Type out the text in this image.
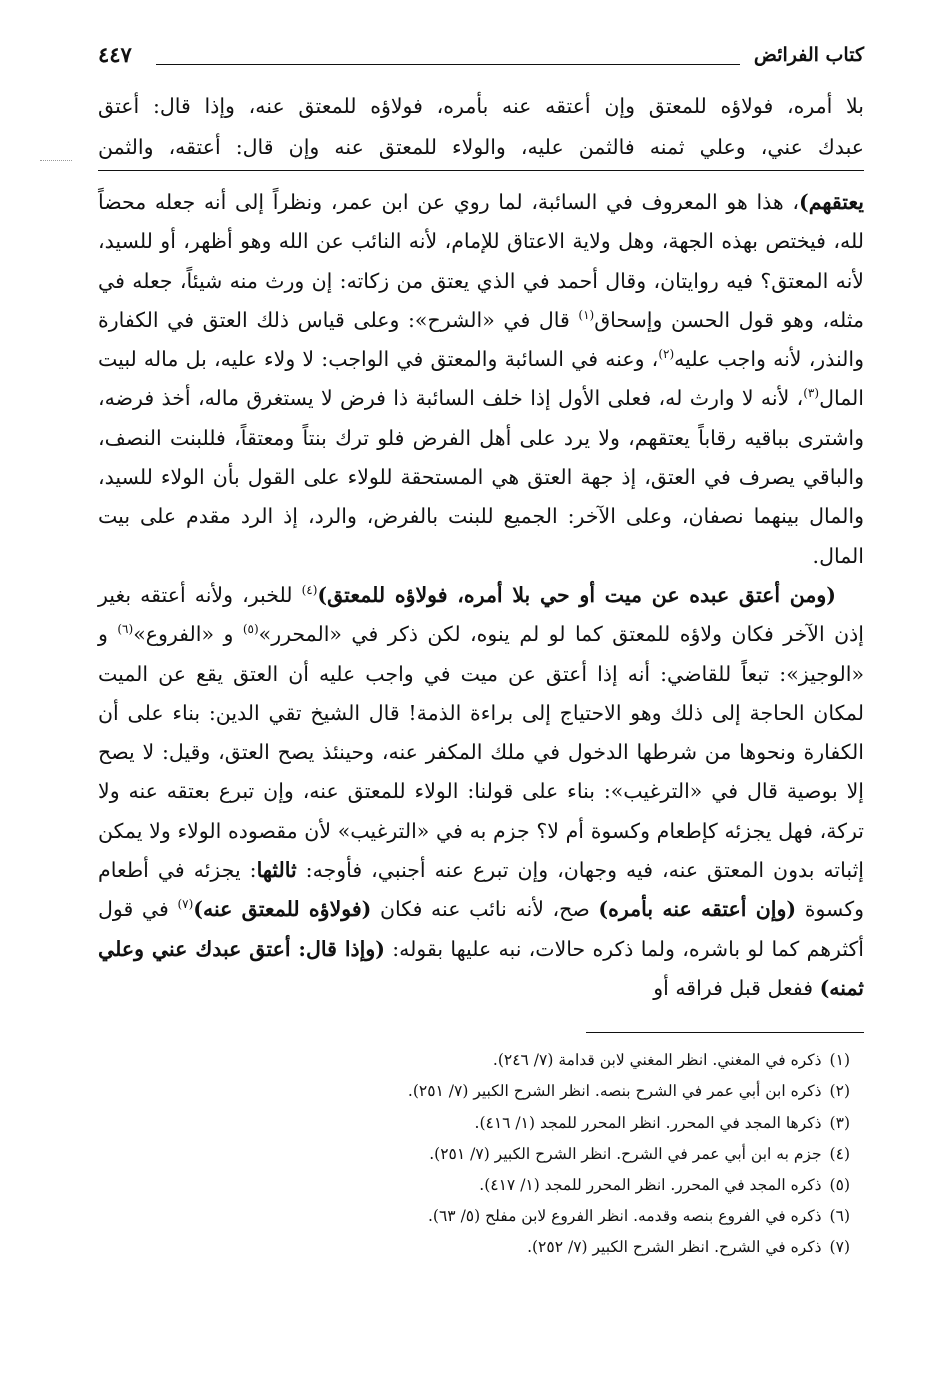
كتاب الفرائض
٤٤٧

بلا أمره، فولاؤه للمعتق وإن أعتقه عنه بأمره، فولاؤه للمعتق عنه، وإذا قال: أعتق

عبدك عني، وعلي ثمنه فالثمن عليه، والولاء للمعتق عنه وإن قال: أعتقه، والثمن

يعتقهم)، هذا هو المعروف في السائبة، لما روي عن ابن عمر، ونظراً إلى أنه جعله محضاً لله، فيختص بهذه الجهة، وهل ولاية الاعتاق للإمام، لأنه النائب عن الله وهو أظهر، أو للسيد، لأنه المعتق؟ فيه روايتان، وقال أحمد في الذي يعتق من زكاته: إن ورث منه شيئاً، جعله في مثله، وهو قول الحسن وإسحاق$^{(١)}$ قال في «الشرح»: وعلى قياس ذلك العتق في الكفارة والنذر، لأنه واجب عليه$^{(٢)}$، وعنه في السائبة والمعتق في الواجب: لا ولاء عليه، بل ماله لبيت المال$^{(٣)}$، لأنه لا وارث له، فعلى الأول إذا خلف السائبة ذا فرض لا يستغرق ماله، أخذ فرضه، واشترى بباقيه رقاباً يعتقهم، ولا يرد على أهل الفرض فلو ترك بنتاً ومعتقاً، فللبنت النصف، والباقي يصرف في العتق، إذ جهة العتق هي المستحقة للولاء على القول بأن الولاء للسيد، والمال بينهما نصفان، وعلى الآخر: الجميع للبنت بالفرض، والرد، إذ الرد مقدم على بيت المال.

(ومن أعتق عبده عن ميت أو حي بلا أمره، فولاؤه للمعتق)$^{(٤)}$ للخبر، ولأنه أعتقه بغير إذن الآخر فكان ولاؤه للمعتق كما لو لم ينوه، لكن ذكر في «المحرر»$^{(٥)}$ و «الفروع»$^{(٦)}$ و «الوجيز»: تبعاً للقاضي: أنه إذا أعتق عن ميت في واجب عليه أن العتق يقع عن الميت لمكان الحاجة إلى ذلك وهو الاحتياج إلى براءة الذمة! قال الشيخ تقي الدين: بناء على أن الكفارة ونحوها من شرطها الدخول في ملك المكفر عنه، وحينئذ يصح العتق، وقيل: لا يصح إلا بوصية قال في «الترغيب»: بناء على قولنا: الولاء للمعتق عنه، وإن تبرع بعتقه عنه ولا تركة، فهل يجزئه كإطعام وكسوة أم لا؟ جزم به في «الترغيب» لأن مقصوده الولاء ولا يمكن إثباته بدون المعتق عنه، فيه وجهان، وإن تبرع عنه أجنبي، فأوجه: ثالثها: يجزئه في أطعام وكسوة (وإن أعتقه عنه بأمره) صح، لأنه نائب عنه فكان (فولاؤه للمعتق عنه)$^{(٧)}$ في قول أكثرهم كما لو باشره، ولما ذكره حالات، نبه عليها بقوله: (وإذا قال: أعتق عبدك عني وعلي ثمنه) ففعل قبل فراقه أو

(١)ذكره في المغني. انظر المغني لابن قدامة (٧/ ٢٤٦).
(٢)ذكره ابن أبي عمر في الشرح بنصه. انظر الشرح الكبير (٧/ ٢٥١).
(٣)ذكرها المجد في المحرر. انظر المحرر للمجد (١/ ٤١٦).
(٤)جزم به ابن أبي عمر في الشرح. انظر الشرح الكبير (٧/ ٢٥١).
(٥)ذكره المجد في المحرر. انظر المحرر للمجد (١/ ٤١٧).
(٦)ذكره في الفروع بنصه وقدمه. انظر الفروع لابن مفلح (٥/ ٦٣).
(٧)ذكره في الشرح. انظر الشرح الكبير (٧/ ٢٥٢).
